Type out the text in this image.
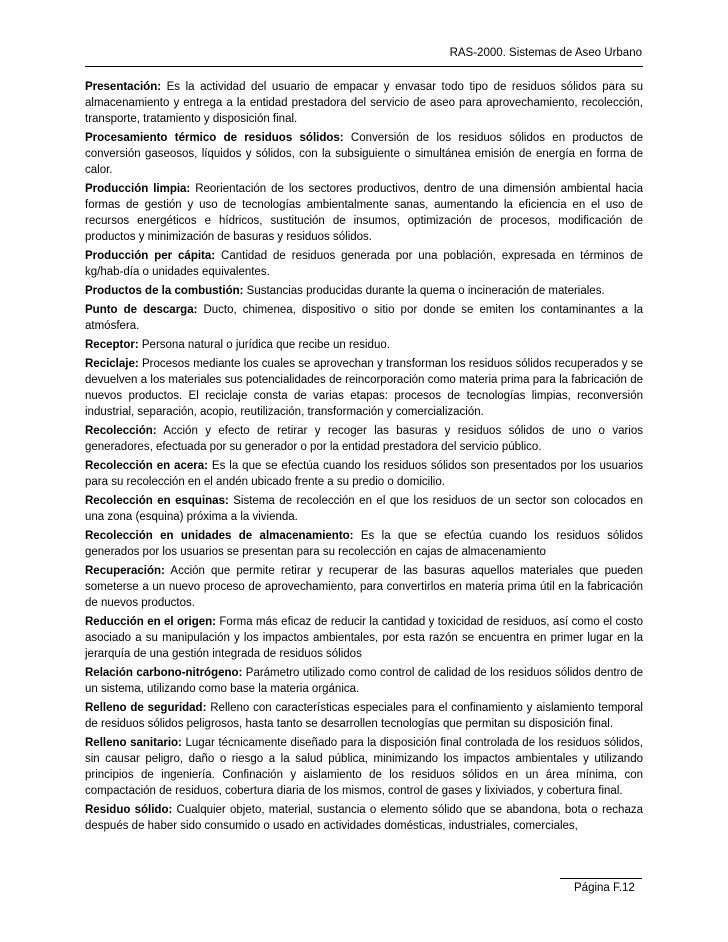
RAS-2000. Sistemas de Aseo Urbano

Presentación: Es la actividad del usuario de empacar y envasar todo tipo de residuos sólidos para su almacenamiento y entrega a la entidad prestadora del servicio de aseo para aprovechamiento, recolección, transporte, tratamiento y disposición final.

Procesamiento térmico de residuos sólidos: Conversión de los residuos sólidos en productos de conversión gaseosos, líquidos y sólidos, con la subsiguiente o simultánea emisión de energía en forma de calor.

Producción limpia: Reorientación de los sectores productivos, dentro de una dimensión ambiental hacia formas de gestión y uso de tecnologías ambientalmente sanas, aumentando la eficiencia en el uso de recursos energéticos e hídricos, sustitución de insumos, optimización de procesos, modificación de productos y minimización de basuras y residuos sólidos.

Producción per cápita: Cantidad de residuos generada por una población, expresada en términos de kg/hab-día o unidades equivalentes.

Productos de la combustión: Sustancias producidas durante la quema o incineración de materiales.

Punto de descarga: Ducto, chimenea, dispositivo o sitio por donde se emiten los contaminantes a la atmósfera.

Receptor: Persona natural o jurídica que recibe un residuo.

Reciclaje: Procesos mediante los cuales se aprovechan y transforman los residuos sólidos recuperados y se devuelven a los materiales sus potencialidades de reincorporación como materia prima para la fabricación de nuevos productos. El reciclaje consta de varias etapas: procesos de tecnologías limpias, reconversión industrial, separación, acopio, reutilización, transformación y comercialización.

Recolección: Acción y efecto de retirar y recoger las basuras y residuos sólidos de uno o varios generadores, efectuada por su generador o por la entidad prestadora del servicio público.

Recolección en acera: Es la que se efectúa cuando los residuos sólidos son presentados por los usuarios para su recolección en el andén ubicado frente a su predio o domicilio.

Recolección en esquinas: Sistema de recolección en el que los residuos de un sector son colocados en una zona (esquina) próxima a la vivienda.

Recolección en unidades de almacenamiento: Es la que se efectúa cuando los residuos sólidos generados por los usuarios se presentan para su recolección en cajas de almacenamiento

Recuperación: Acción que permite retirar y recuperar de las basuras aquellos materiales que pueden someterse a un nuevo proceso de aprovechamiento, para convertirlos en materia prima útil en la fabricación de nuevos productos.

Reducción en el origen: Forma más eficaz de reducir la cantidad y toxicidad de residuos, así como el costo asociado a su manipulación y los impactos ambientales, por esta razón se encuentra en primer lugar en la jerarquía de una gestión integrada de residuos sólidos

Relación carbono-nitrógeno: Parámetro utilizado como control de calidad de los residuos sólidos dentro de un sistema, utilizando como base la materia orgánica.

Relleno de seguridad: Relleno con características especiales para el confinamiento y aislamiento temporal de residuos sólidos peligrosos, hasta tanto se desarrollen tecnologías que permitan su disposición final.

Relleno sanitario: Lugar técnicamente diseñado para la disposición final controlada de los residuos sólidos, sin causar peligro, daño o riesgo a la salud pública, minimizando los impactos ambientales y utilizando principios de ingeniería. Confinación y aislamiento de los residuos sólidos en un área mínima, con compactación de residuos, cobertura diaria de los mismos, control de gases y lixiviados, y cobertura final.

Residuo sólido: Cualquier objeto, material, sustancia o elemento sólido que se abandona, bota o rechaza después de haber sido consumido o usado en actividades domésticas, industriales, comerciales,

Página F.12
